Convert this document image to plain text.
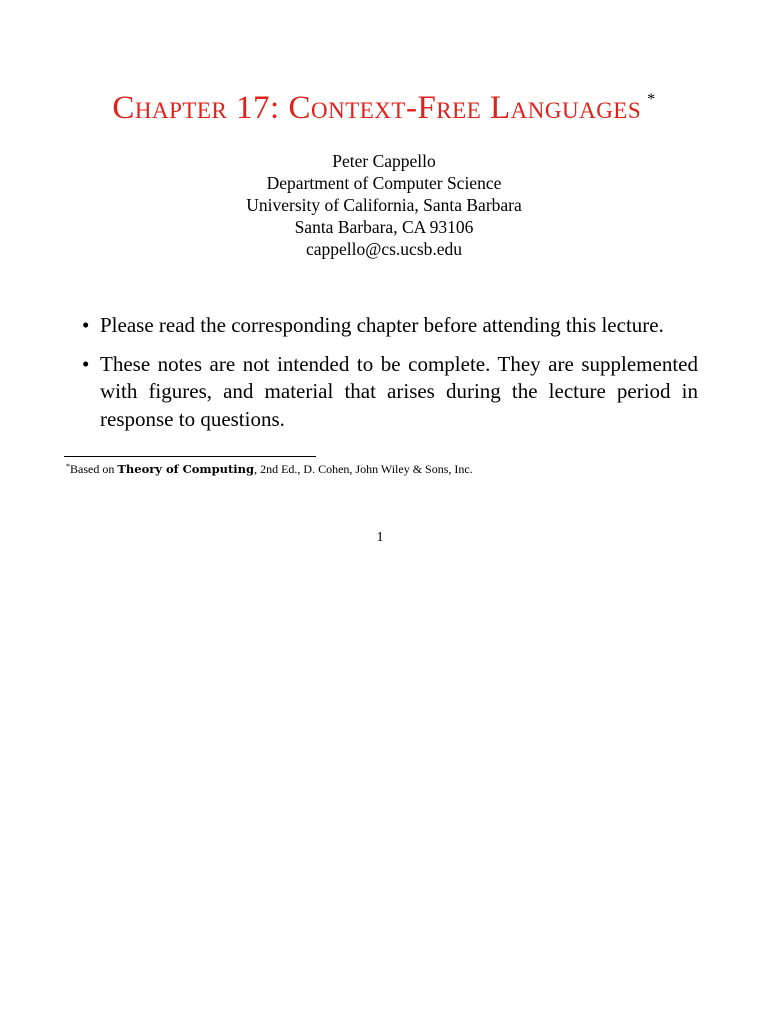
Chapter 17: Context-Free Languages *
Peter Cappello
Department of Computer Science
University of California, Santa Barbara
Santa Barbara, CA 93106
cappello@cs.ucsb.edu
• Please read the corresponding chapter before attending this lecture.
• These notes are not intended to be complete. They are supplemented with figures, and material that arises during the lecture period in response to questions.
*Based on Theory of Computing, 2nd Ed., D. Cohen, John Wiley & Sons, Inc.
1
